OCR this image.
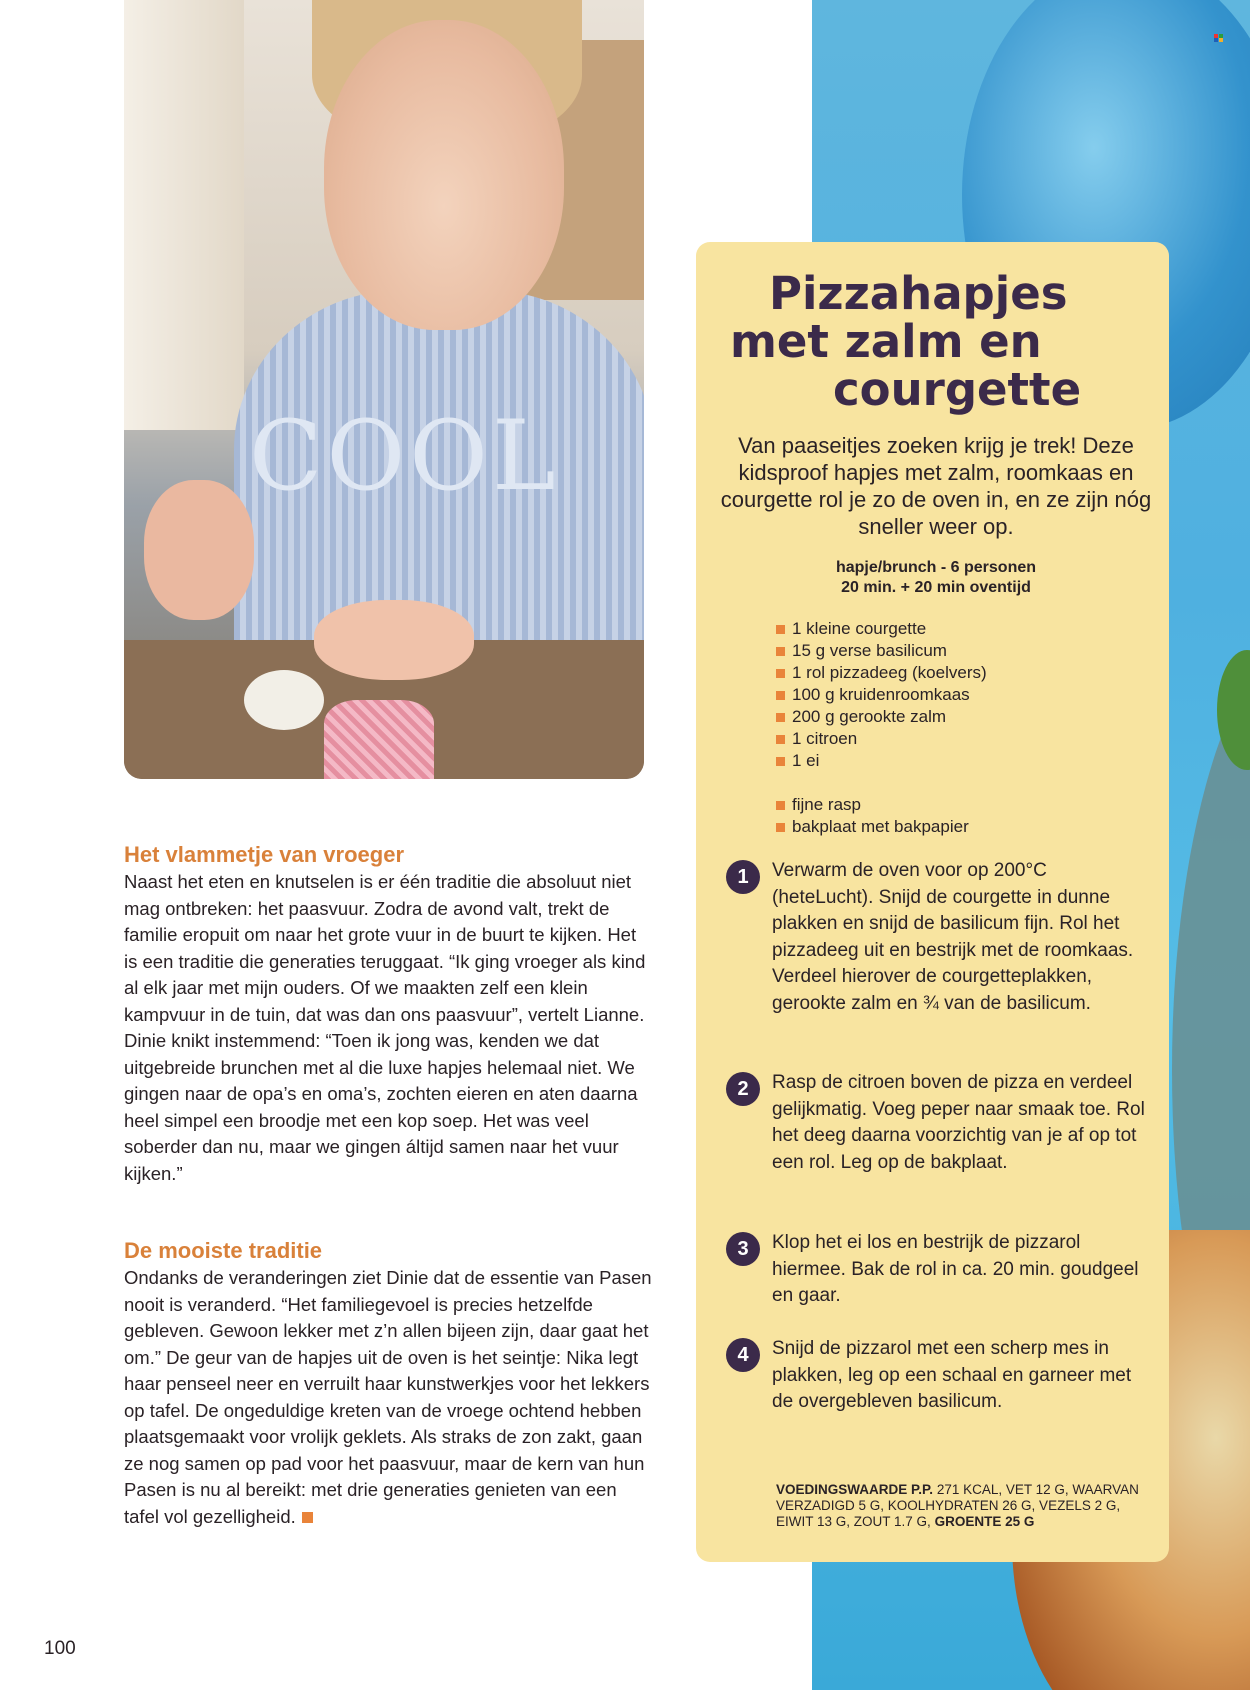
COOL
Pizzahapjes
met zalm en
courgette

Van paaseitjes zoeken krijg je trek! Deze kidsproof hapjes met zalm, roomkaas en courgette rol je zo de oven in, en ze zijn nóg sneller weer op.

hapje/brunch - 6 personen
20 min. + 20 min oventijd
1 kleine courgette
15 g verse basilicum
1 rol pizzadeeg (koelvers)
100 g kruidenroomkaas
200 g gerookte zalm
1 citroen
1 ei
fijne rasp
bakplaat met bakpapier
1	Verwarm de oven voor op 200°C (heteLucht). Snijd de courgette in dunne plakken en snijd de basilicum fijn. Rol het pizzadeeg uit en bestrijk met de roomkaas. Verdeel hierover de courgetteplakken, gerookte zalm en ¾ van de basilicum.
2	Rasp de citroen boven de pizza en verdeel gelijkmatig. Voeg peper naar smaak toe. Rol het deeg daarna voorzichtig van je af op tot een rol. Leg op de bakplaat.
3	Klop het ei los en bestrijk de pizzarol hiermee. Bak de rol in ca. 20 min. goudgeel en gaar.
4	Snijd de pizzarol met een scherp mes in plakken, leg op een schaal en garneer met de overgebleven basilicum.
VOEDINGSWAARDE P.P. 271 KCAL, VET 12 G, WAARVAN VERZADIGD 5 G, KOOLHYDRATEN 26 G, VEZELS 2 G, EIWIT 13 G, ZOUT 1.7 G, GROENTE 25 G
Het vlammetje van vroeger

Naast het eten en knutselen is er één traditie die absoluut niet mag ontbreken: het paasvuur. Zodra de avond valt, trekt de familie eropuit om naar het grote vuur in de buurt te kijken. Het is een traditie die generaties teruggaat. “Ik ging vroeger als kind al elk jaar met mijn ouders. Of we maakten zelf een klein kampvuur in de tuin, dat was dan ons paasvuur”, vertelt Lianne. Dinie knikt instemmend: “Toen ik jong was, kenden we dat uitgebreide brunchen met al die luxe hapjes helemaal niet. We gingen naar de opa’s en oma’s, zochten eieren en aten daarna heel simpel een broodje met een kop soep. Het was veel soberder dan nu, maar we gingen áltijd samen naar het vuur kijken.”

De mooiste traditie

Ondanks de veranderingen ziet Dinie dat de essentie van Pasen nooit is veranderd. “Het familiegevoel is precies hetzelfde gebleven. Gewoon lekker met z’n allen bijeen zijn, daar gaat het om.” De geur van de hapjes uit de oven is het seintje: Nika legt haar penseel neer en verruilt haar kunstwerkjes voor het lekkers op tafel. De ongeduldige kreten van de vroege ochtend hebben plaatsgemaakt voor vrolijk geklets. Als straks de zon zakt, gaan ze nog samen op pad voor het paasvuur, maar de kern van hun Pasen is nu al bereikt: met drie generaties genieten van een tafel vol gezelligheid.

100
